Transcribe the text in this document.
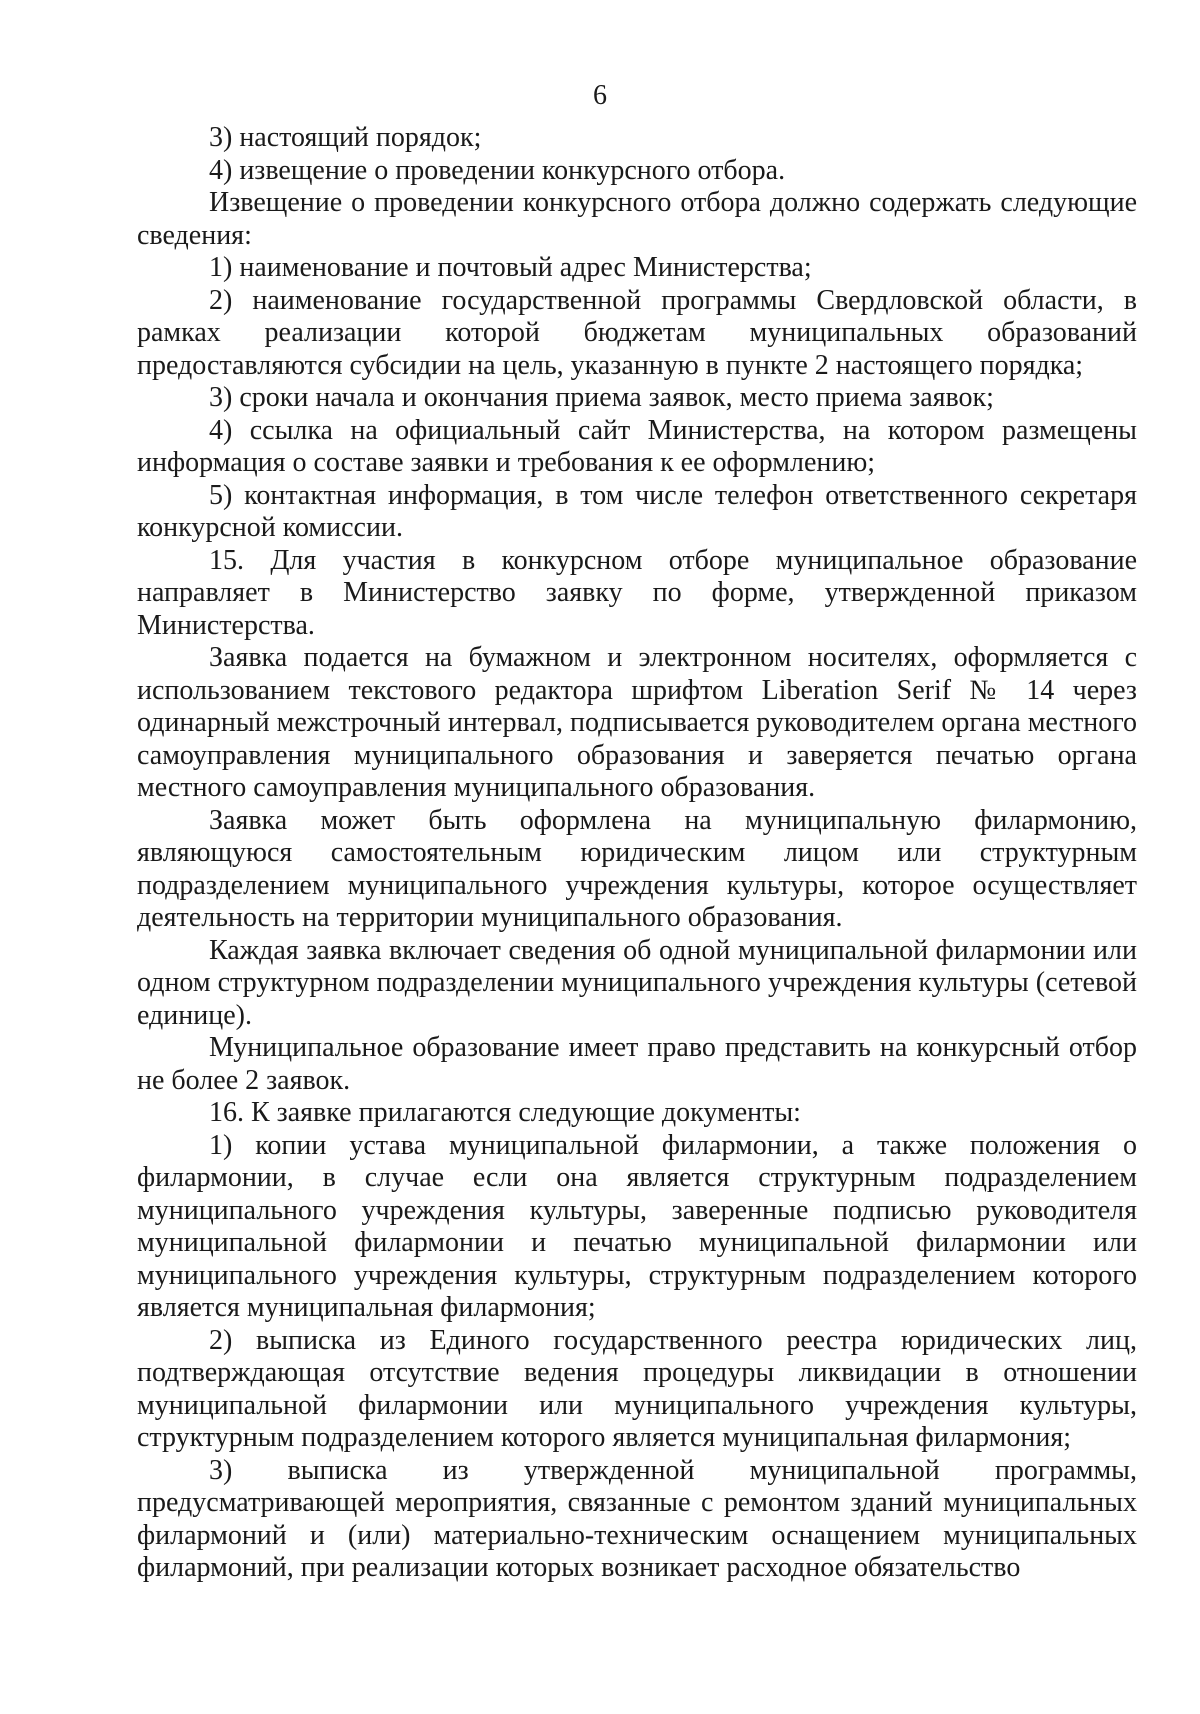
6

3) настоящий порядок;

4) извещение о проведении конкурсного отбора.

Извещение о проведении конкурсного отбора должно содержать следующие сведения:

1) наименование и почтовый адрес Министерства;

2) наименование государственной программы Свердловской области, в рамках реализации которой бюджетам муниципальных образований предоставляются субсидии на цель, указанную в пункте 2 настоящего порядка;

3) сроки начала и окончания приема заявок, место приема заявок;

4) ссылка на официальный сайт Министерства, на котором размещены информация о составе заявки и требования к ее оформлению;

5) контактная информация, в том числе телефон ответственного секретаря конкурсной комиссии.

15. Для участия в конкурсном отборе муниципальное образование направляет в Министерство заявку по форме, утвержденной приказом Министерства.

Заявка подается на бумажном и электронном носителях, оформляется с использованием текстового редактора шрифтом Liberation Serif № 14 через одинарный межстрочный интервал, подписывается руководителем органа местного самоуправления муниципального образования и заверяется печатью органа местного самоуправления муниципального образования.

Заявка может быть оформлена на муниципальную филармонию, являющуюся самостоятельным юридическим лицом или структурным подразделением муниципального учреждения культуры, которое осуществляет деятельность на территории муниципального образования.

Каждая заявка включает сведения об одной муниципальной филармонии или одном структурном подразделении муниципального учреждения культуры (сетевой единице).

Муниципальное образование имеет право представить на конкурсный отбор не более 2 заявок.

16. К заявке прилагаются следующие документы:

1) копии устава муниципальной филармонии, а также положения о филармонии, в случае если она является структурным подразделением муниципального учреждения культуры, заверенные подписью руководителя муниципальной филармонии и печатью муниципальной филармонии или муниципального учреждения культуры, структурным подразделением которого является муниципальная филармония;

2) выписка из Единого государственного реестра юридических лиц, подтверждающая отсутствие ведения процедуры ликвидации в отношении муниципальной филармонии или муниципального учреждения культуры, структурным подразделением которого является муниципальная филармония;

3) выписка из утвержденной муниципальной программы, предусматривающей мероприятия, связанные с ремонтом зданий муниципальных филармоний и (или) материально-техническим оснащением муниципальных филармоний, при реализации которых возникает расходное обязательство
